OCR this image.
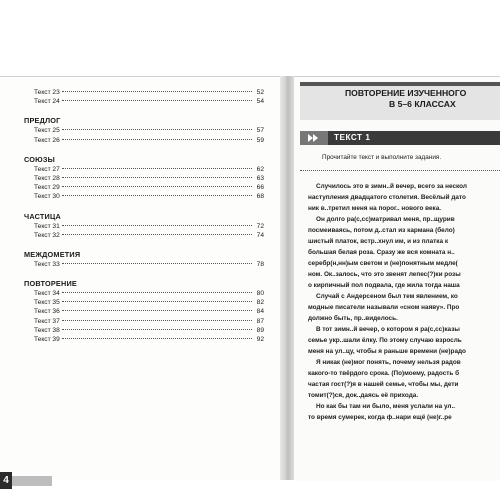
Текст 23	52
Текст 24	54
ПРЕДЛОГ
Текст 25	57
Текст 26	59
СОЮЗЫ
Текст 27	62
Текст 28	63
Текст 29	66
Текст 30	68
ЧАСТИЦА
Текст 31	72
Текст 32	74
МЕЖДОМЕТИЯ
Текст 33	78
ПОВТОРЕНИЕ
Текст 34	80
Текст 35	82
Текст 36	84
Текст 37	87
Текст 38	89
Текст 39	92
4
ПОВТОРЕНИЕ ИЗУЧЕННОГО
В 5–6 КЛАССАХ
ТЕКСТ 1
Прочитайте текст и выполните задания.
Случилось это в зимн..й вечер, всего за нескол
наступления двадцатого столетия. Весёлый дато
ник в..третил меня на порог.. нового века.
Он долго ра(с,сс)матривал меня, пр..щурив
посмеиваясь, потом д..стал из кармана (бело)
шистый платок, встр..хнул им, и из платка к
большая белая роза. Сразу же вся комната н..
серебр(н,нн)ым светом и (не)понятным медле(
ном. Ок..залось, что это звенят лепес(?)ки розы
о кирпичный пол подвала, где жила тогда наша
Случай с Андерсеном был тем явлением, ко
модные писатели называли «сном наяву». Про
должно быть, пр..виделось.
В тот зимн..й вечер, о котором я ра(с,сс)казы
семье укр..шали ёлку. По этому случаю взросль
меня на ул..цу, чтобы я раньше времени (не)радо
Я никак (не)мог понять, почему нельзя радов
какого-то твёрдого срока. (По)моему, радость б
частая гост(?)я в нашей семье, чтобы мы, дети
томит(?)ся, док..даясь её прихода.
Но как бы там ни было, меня услали на ул..
то время сумерек, когда ф..нари ещё (не)г..ре
